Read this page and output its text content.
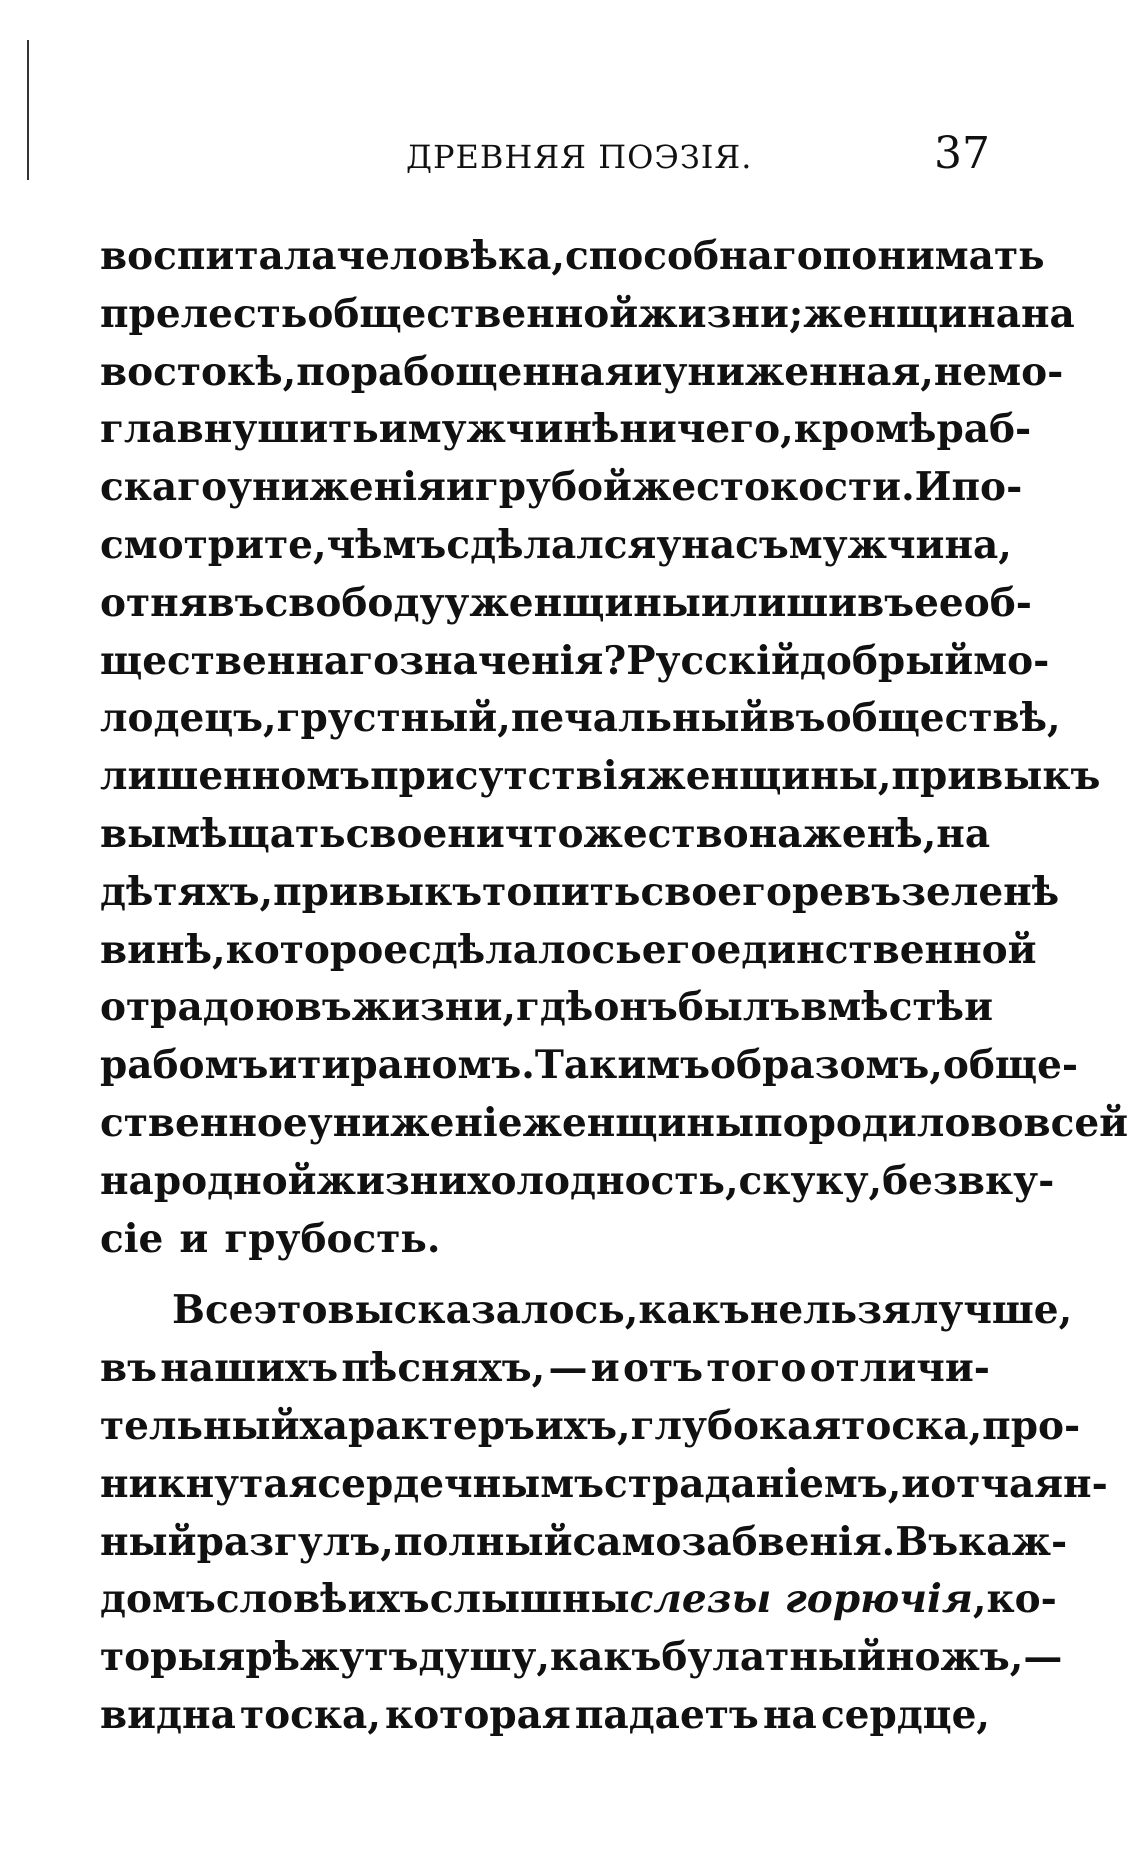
ДРЕВНЯЯ ПОЭЗІЯ.	37
воспитала человѣка, способнаго понимать
прелесть общественной жизни; женщина на
востокѣ, порабощенная и униженная, не мо-
гла внушить и мужчинѣ ничего, кромѣ раб-
скаго униженія и грубой жестокости. И по-
смотрите, чѣмъ сдѣлался у насъ мужчина,
отнявъ свободу у женщины и лишивъ ее об-
щественнаго значенія? Русскій добрый мо-
лодецъ, грустный, печальный въ обществѣ,
лишенномъ присутствія женщины, привыкъ
вымѣщать свое ничтожество на женѣ, на
дѣтяхъ, привыкъ топить свое горе въ зеленѣ
винѣ, которое сдѣлалось его единственной
отрадою въ жизни, гдѣ онъ былъ вмѣстѣ и
рабомъ и тираномъ. Такимъ образомъ, обще-
ственное униженіе женщины породило во всей
народной жизни холодность, скуку, безвку-
сіе и грубость.
Все это высказалось, какъ нельзя лучше,
въ нашихъ пѣсняхъ, — и отъ того отличи-
тельный характеръ ихъ, глубокая тоска, про-
никнутая сердечнымъ страданіемъ, и отчаян-
ный разгулъ, полный самозабвенія. Въ каж-
домъ словѣ ихъ слышны слезы горючія, ко-
торыя рѣжутъ душу, какъ булатный ножъ, —
видна тоска, которая падаетъ на сердце,
